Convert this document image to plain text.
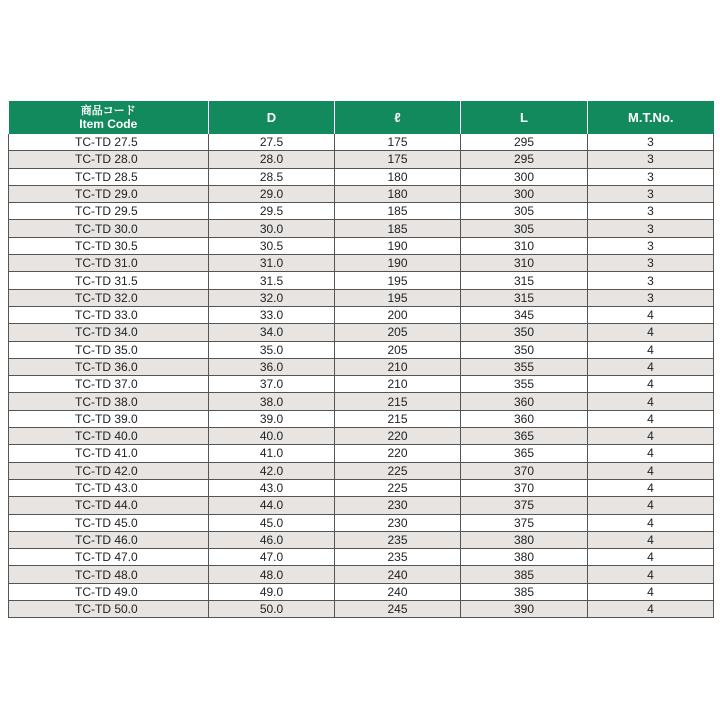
商品コード
Item Code	D	ℓ	L	M.T.No.
TC-TD 27.5	27.5	175	295	3
TC-TD 28.0	28.0	175	295	3
TC-TD 28.5	28.5	180	300	3
TC-TD 29.0	29.0	180	300	3
TC-TD 29.5	29.5	185	305	3
TC-TD 30.0	30.0	185	305	3
TC-TD 30.5	30.5	190	310	3
TC-TD 31.0	31.0	190	310	3
TC-TD 31.5	31.5	195	315	3
TC-TD 32.0	32.0	195	315	3
TC-TD 33.0	33.0	200	345	4
TC-TD 34.0	34.0	205	350	4
TC-TD 35.0	35.0	205	350	4
TC-TD 36.0	36.0	210	355	4
TC-TD 37.0	37.0	210	355	4
TC-TD 38.0	38.0	215	360	4
TC-TD 39.0	39.0	215	360	4
TC-TD 40.0	40.0	220	365	4
TC-TD 41.0	41.0	220	365	4
TC-TD 42.0	42.0	225	370	4
TC-TD 43.0	43.0	225	370	4
TC-TD 44.0	44.0	230	375	4
TC-TD 45.0	45.0	230	375	4
TC-TD 46.0	46.0	235	380	4
TC-TD 47.0	47.0	235	380	4
TC-TD 48.0	48.0	240	385	4
TC-TD 49.0	49.0	240	385	4
TC-TD 50.0	50.0	245	390	4
